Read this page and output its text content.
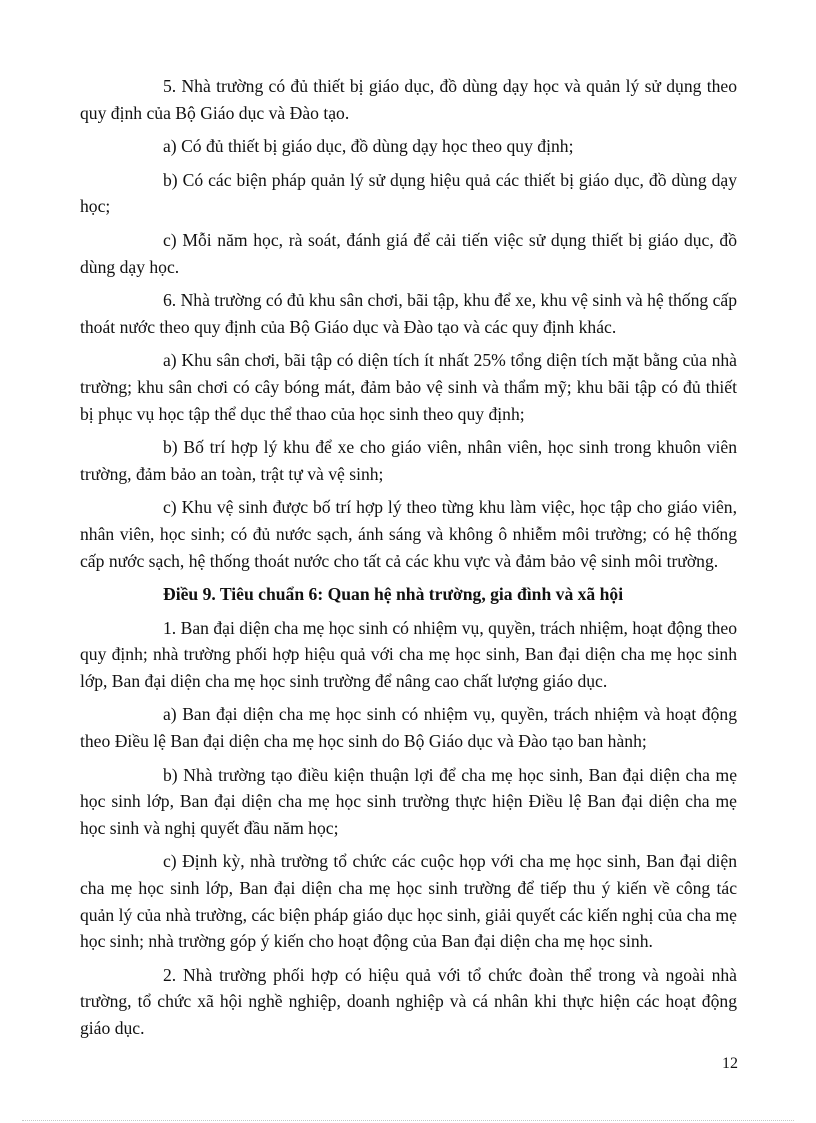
5. Nhà trường có đủ thiết bị giáo dục, đồ dùng dạy học và quản lý sử dụng theo quy định của Bộ Giáo dục và Đào tạo.

a) Có đủ thiết bị giáo dục, đồ dùng dạy học theo quy định;

b) Có các biện pháp quản lý sử dụng hiệu quả các thiết bị giáo dục, đồ dùng dạy học;

c) Mỗi năm học, rà soát, đánh giá để cải tiến việc sử dụng thiết bị giáo dục, đồ dùng dạy học.

6. Nhà trường có đủ khu sân chơi, bãi tập, khu để xe, khu vệ sinh và hệ thống cấp thoát nước theo quy định của Bộ Giáo dục và Đào tạo và các quy định khác.

a) Khu sân chơi, bãi tập có diện tích ít nhất 25% tổng diện tích mặt bằng của nhà trường; khu sân chơi có cây bóng mát, đảm bảo vệ sinh và thẩm mỹ; khu bãi tập có đủ thiết bị phục vụ học tập thể dục thể thao của học sinh theo quy định;

b) Bố trí hợp lý khu để xe cho giáo viên, nhân viên, học sinh trong khuôn viên trường, đảm bảo an toàn, trật tự và vệ sinh;

c) Khu vệ sinh được bố trí hợp lý theo từng khu làm việc, học tập cho giáo viên, nhân viên, học sinh; có đủ nước sạch, ánh sáng và không ô nhiễm môi trường; có hệ thống cấp nước sạch, hệ thống thoát nước cho tất cả các khu vực và đảm bảo vệ sinh môi trường.

Điều 9. Tiêu chuẩn 6: Quan hệ nhà trường, gia đình và xã hội

1. Ban đại diện cha mẹ học sinh có nhiệm vụ, quyền, trách nhiệm, hoạt động theo quy định; nhà trường phối hợp hiệu quả với cha mẹ học sinh, Ban đại diện cha mẹ học sinh lớp, Ban đại diện cha mẹ học sinh trường để nâng cao chất lượng giáo dục.

a) Ban đại diện cha mẹ học sinh có nhiệm vụ, quyền, trách nhiệm và hoạt động theo Điều lệ Ban đại diện cha mẹ học sinh do Bộ Giáo dục và Đào tạo ban hành;

b) Nhà trường tạo điều kiện thuận lợi để cha mẹ học sinh, Ban đại diện cha mẹ học sinh lớp, Ban đại diện cha mẹ học sinh trường thực hiện Điều lệ Ban đại diện cha mẹ học sinh và nghị quyết đầu năm học;

c) Định kỳ, nhà trường tổ chức các cuộc họp với cha mẹ học sinh, Ban đại diện cha mẹ học sinh lớp, Ban đại diện cha mẹ học sinh trường để tiếp thu ý kiến về công tác quản lý của nhà trường, các biện pháp giáo dục học sinh, giải quyết các kiến nghị của cha mẹ học sinh; nhà trường góp ý kiến cho hoạt động của Ban đại diện cha mẹ học sinh.

2. Nhà trường phối hợp có hiệu quả với tổ chức đoàn thể trong và ngoài nhà trường, tổ chức xã hội nghề nghiệp, doanh nghiệp và cá nhân khi thực hiện các hoạt động giáo dục.

12
